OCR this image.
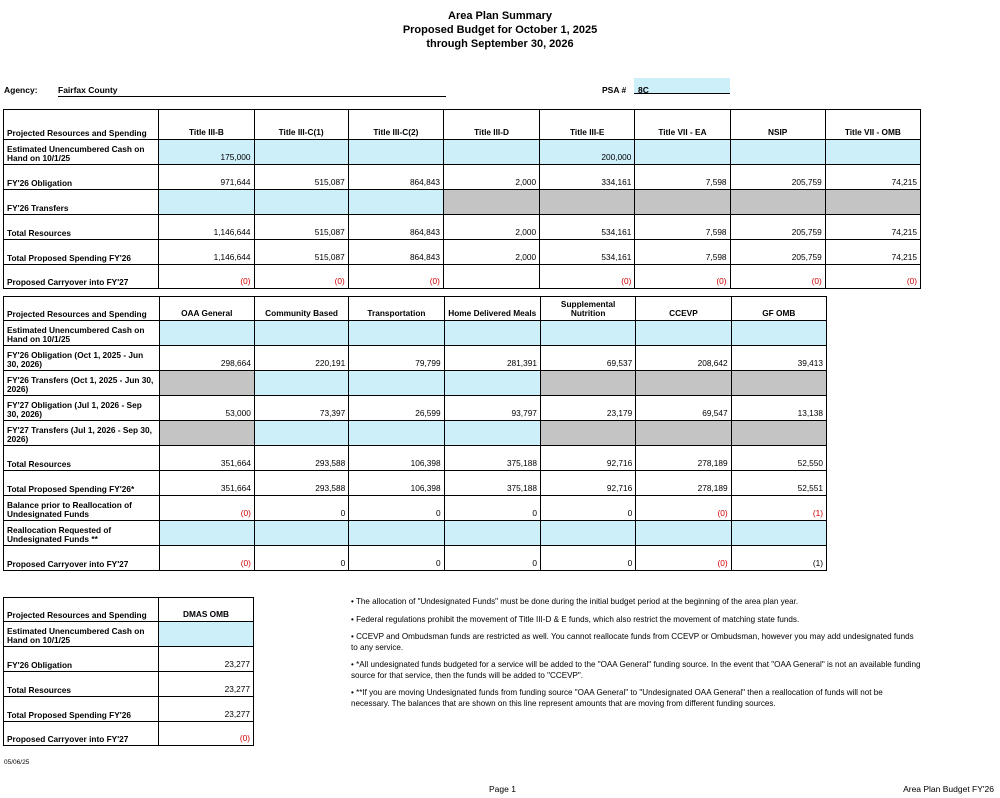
Area Plan Summary
Proposed Budget for October 1, 2025
through September 30, 2026
Agency: Fairfax County	PSA #	8C
Projected Resources and Spending	Title III-B	Title III-C(1)	Title III-C(2)	Title III-D	Title III-E	Title VII - EA	NSIP	Title VII - OMB
Estimated Unencumbered Cash on Hand on 10/1/25	175,000				200,000			
FY'26 Obligation	971,644	515,087	864,843	2,000	334,161	7,598	205,759	74,215
FY'26 Transfers								
Total Resources	1,146,644	515,087	864,843	2,000	534,161	7,598	205,759	74,215
Total Proposed Spending FY'26	1,146,644	515,087	864,843	2,000	534,161	7,598	205,759	74,215
Proposed Carryover into FY'27	(0)	(0)	(0)		(0)	(0)	(0)	(0)
Projected Resources and Spending	OAA General	Community Based	Transportation	Home Delivered Meals	Supplemental Nutrition	CCEVP	GF OMB
Estimated Unencumbered Cash on Hand on 10/1/25							
FY'26 Obligation (Oct 1, 2025 - Jun 30, 2026)	298,664	220,191	79,799	281,391	69,537	208,642	39,413
FY'26 Transfers (Oct 1, 2025 - Jun 30, 2026)							
FY'27 Obligation (Jul 1, 2026 - Sep 30, 2026)	53,000	73,397	26,599	93,797	23,179	69,547	13,138
FY'27 Transfers (Jul 1, 2026 - Sep 30, 2026)							
Total Resources	351,664	293,588	106,398	375,188	92,716	278,189	52,550
Total Proposed Spending FY'26*	351,664	293,588	106,398	375,188	92,716	278,189	52,551
Balance prior to Reallocation of Undesignated Funds	(0)	0	0	0	0	(0)	(1)
Reallocation Requested of Undesignated Funds **							
Proposed Carryover into FY'27	(0)	0	0	0	0	(0)	(1)
Projected Resources and Spending	DMAS OMB
Estimated Unencumbered Cash on Hand on 10/1/25	
FY'26 Obligation	23,277
Total Resources	23,277
Total Proposed Spending FY'26	23,277
Proposed Carryover into FY'27	(0)

• The allocation of "Undesignated Funds" must be done during the initial budget period at the beginning of the area plan year.

• Federal regulations prohibit the movement of Title III-D & E funds, which also restrict the movement of matching state funds.

• CCEVP and Ombudsman funds are restricted as well. You cannot reallocate funds from CCEVP or Ombudsman, however you may add undesignated funds to any service.

• *All undesignated funds budgeted for a service will be added to the "OAA General" funding source. In the event that "OAA General" is not an available funding source for that service, then the funds will be added to "CCEVP".

• **If you are moving Undesignated funds from funding source "OAA General" to "Undesignated OAA General" then a reallocation of funds will not be necessary. The balances that are shown on this line represent amounts that are moving from different funding sources.

05/06/25
Page 1	Area Plan Budget FY'26
